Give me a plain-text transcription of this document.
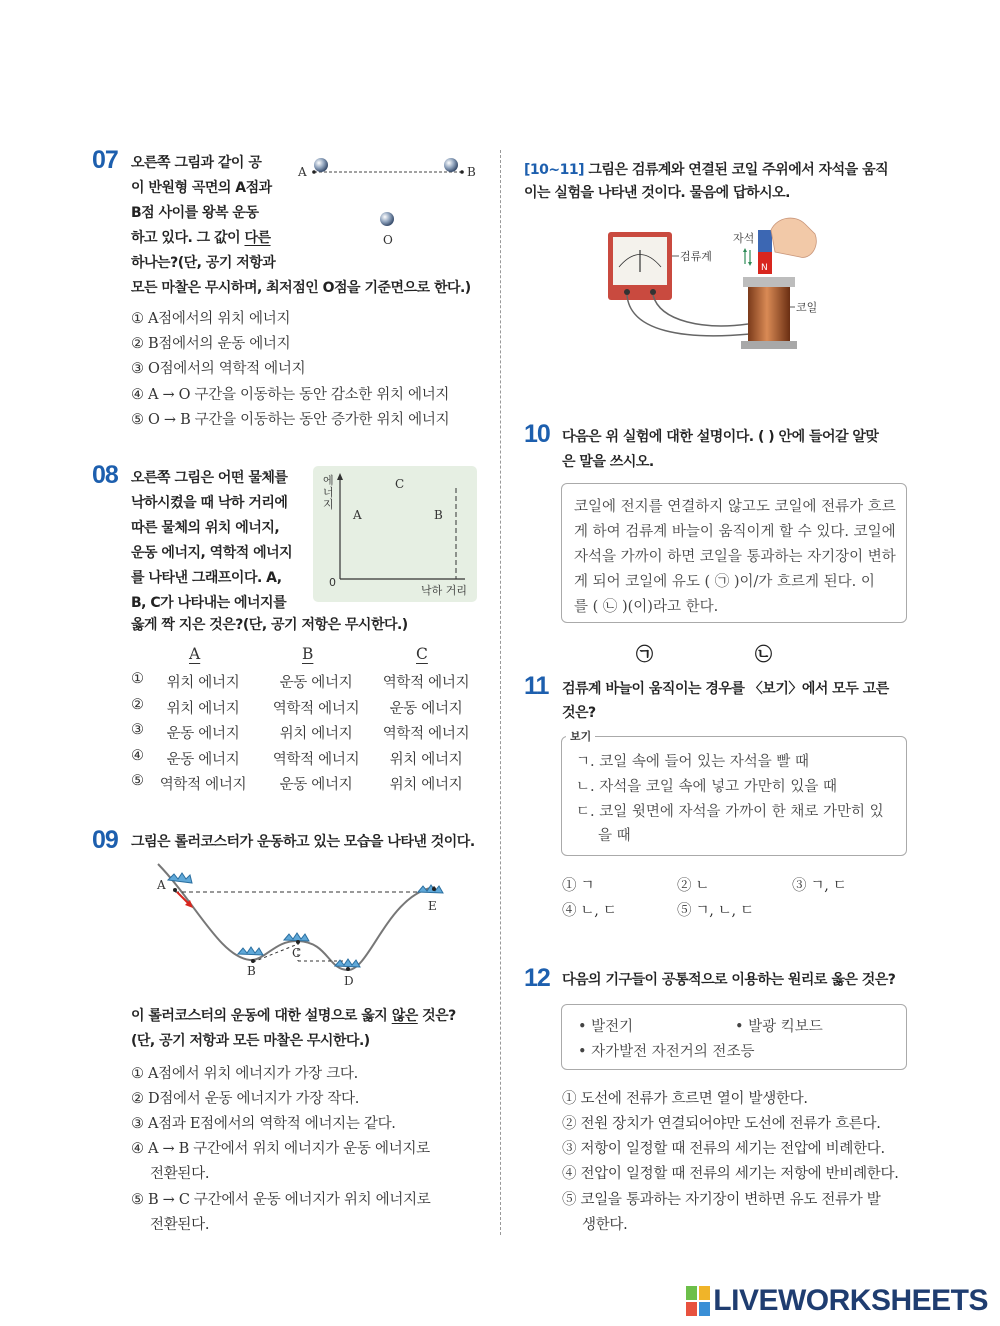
07 오른쪽 그림과 같이 공
이 반원형 곡면의 A점과
B점 사이를 왕복 운동
하고 있다. 그 값이 다른
하나는?(단, 공기 저항과
모든 마찰은 무시하며, 최저점인 O점을 기준면으로 한다.)
A	B
O
① A점에서의 위치 에너지
② B점에서의 운동 에너지
③ O점에서의 역학적 에너지
④ A → O 구간을 이동하는 동안 감소한 위치 에너지
⑤ O → B 구간을 이동하는 동안 증가한 위치 에너지
08 오른쪽 그림은 어떤 물체를
낙하시켰을 때 낙하 거리에
따른 물체의 위치 에너지,
운동 에너지, 역학적 에너지
를 나타낸 그래프이다. A,
B, C가 나타내는 에너지를
옳게 짝 지은 것은?(단, 공기 저항은 무시한다.)
에
너
지
0
낙하 거리
C
A	B
A	B	C
①	위치 에너지	운동 에너지	역학적 에너지
②	위치 에너지	역학적 에너지	운동 에너지
③	운동 에너지	위치 에너지	역학적 에너지
④	운동 에너지	역학적 에너지	위치 에너지
⑤ 역학적 에너지	운동 에너지	위치 에너지
09 그림은 롤러코스터가 운동하고 있는 모습을 나타낸 것이다.
A
B
C
D
E
이 롤러코스터의 운동에 대한 설명으로 옳지 않은 것은?
(단, 공기 저항과 모든 마찰은 무시한다.)
① A점에서 위치 에너지가 가장 크다.
② D점에서 운동 에너지가 가장 작다.
③ A점과 E점에서의 역학적 에너지는 같다.
④ A → B 구간에서 위치 에너지가 운동 에너지로
전환된다.
⑤ B → C 구간에서 운동 에너지가 위치 에너지로
전환된다.
[10~11] 그림은 검류계와 연결된 코일 주위에서 자석을 움직
이는 실험을 나타낸 것이다. 물음에 답하시오.
검류계
코일
N
자석
10 다음은 위 실험에 대한 설명이다. ( ) 안에 들어갈 알맞
은 말을 쓰시오.
코일에 전지를 연결하지 않고도 코일에 전류가 흐르
게 하여 검류계 바늘이 움직이게 할 수 있다. 코일에
자석을 가까이 하면 코일을 통과하는 자기장이 변하
게 되어 코일에 유도 ( ㉠ )이/가 흐르게 된다. 이
를 ( ㉡ )(이)라고 한다.
㉠	㉡
11 검류계 바늘이 움직이는 경우를 〈보기〉에서 모두 고른
것은?
보기
ㄱ. 코일 속에 들어 있는 자석을 빨 때
ㄴ. 자석을 코일 속에 넣고 가만히 있을 때
ㄷ. 코일 윗면에 자석을 가까이 한 채로 가만히 있
을 때
① ㄱ	② ㄴ	③ ㄱ, ㄷ
④ ㄴ, ㄷ	⑤ ㄱ, ㄴ, ㄷ
12 다음의 기구들이 공통적으로 이용하는 원리로 옳은 것은?
• 발전기	• 발광 킥보드
• 자가발전 자전거의 전조등
① 도선에 전류가 흐르면 열이 발생한다.
② 전원 장치가 연결되어야만 도선에 전류가 흐른다.
③ 저항이 일정할 때 전류의 세기는 전압에 비례한다.
④ 전압이 일정할 때 전류의 세기는 저항에 반비례한다.
⑤ 코일을 통과하는 자기장이 변하면 유도 전류가 발
생한다.
LIVEWORKSHEETS
